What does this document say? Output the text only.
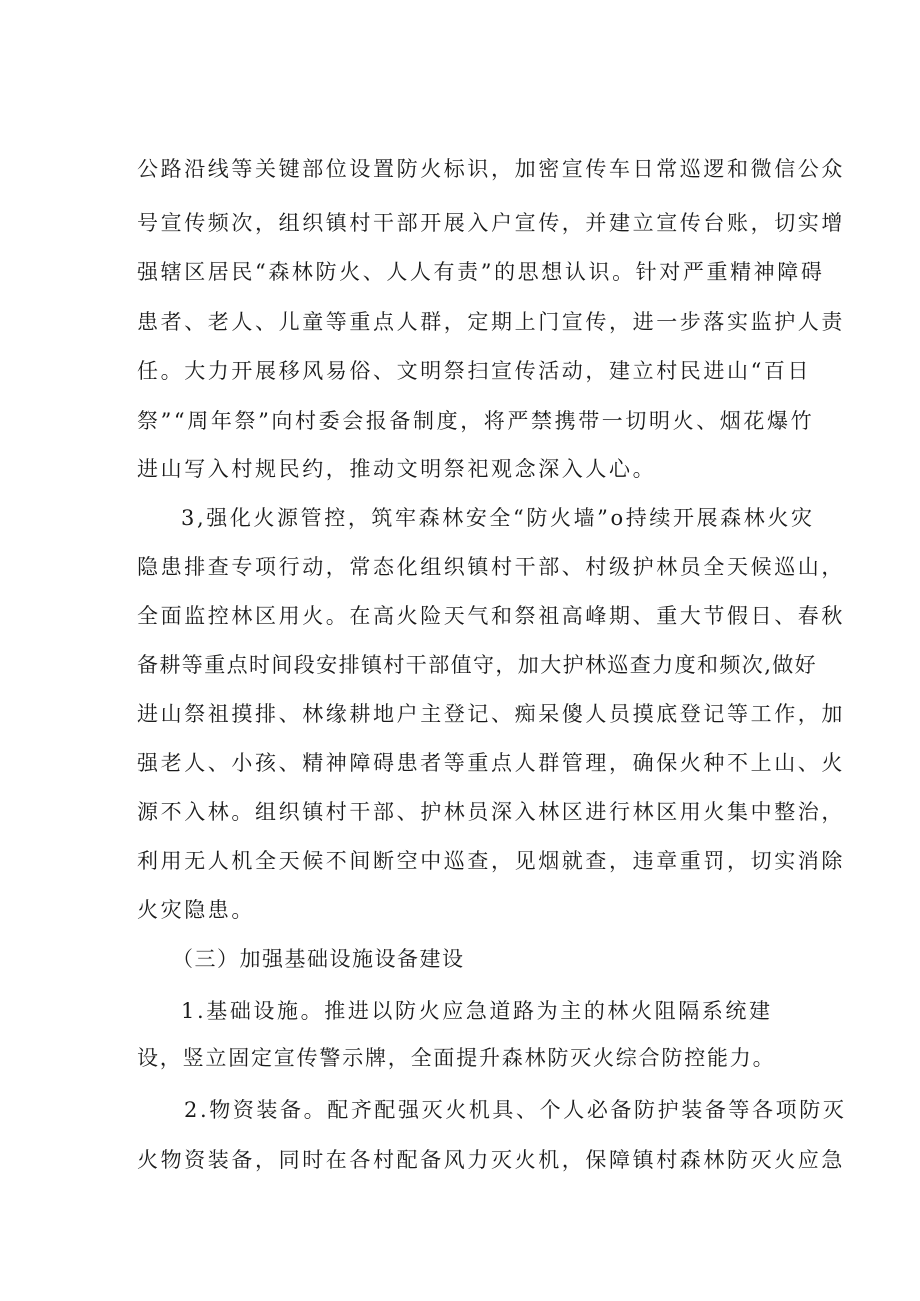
公路沿线等关键部位设置防火标识，加密宣传车日常巡逻和微信公众
号宣传频次，组织镇村干部开展入户宣传，并建立宣传台账，切实增
强辖区居民“森林防火、人人有责”的思想认识。针对严重精神障碍
患者、老人、儿童等重点人群，定期上门宣传，进一步落实监护人责
任。大力开展移风易俗、文明祭扫宣传活动，建立村民进山“百日
祭”“周年祭”向村委会报备制度，将严禁携带一切明火、烟花爆竹
进山写入村规民约，推动文明祭祀观念深入人心。
3,强化火源管控，筑牢森林安全“防火墙”o持续开展森林火灾
隐患排查专项行动，常态化组织镇村干部、村级护林员全天候巡山，
全面监控林区用火。在高火险天气和祭祖高峰期、重大节假日、春秋
备耕等重点时间段安排镇村干部值守，加大护林巡查力度和频次,做好
进山祭祖摸排、林缘耕地户主登记、痴呆傻人员摸底登记等工作，加
强老人、小孩、精神障碍患者等重点人群管理，确保火种不上山、火
源不入林。组织镇村干部、护林员深入林区进行林区用火集中整治，
利用无人机全天候不间断空中巡查，见烟就查，违章重罚，切实消除
火灾隐患。
（三）加强基础设施设备建设
1.基础设施。推进以防火应急道路为主的林火阻隔系统建
设，竖立固定宣传警示牌，全面提升森林防灭火综合防控能力。
2.物资装备。配齐配强灭火机具、个人必备防护装备等各项防灭
火物资装备，同时在各村配备风力灭火机，保障镇村森林防灭火应急
